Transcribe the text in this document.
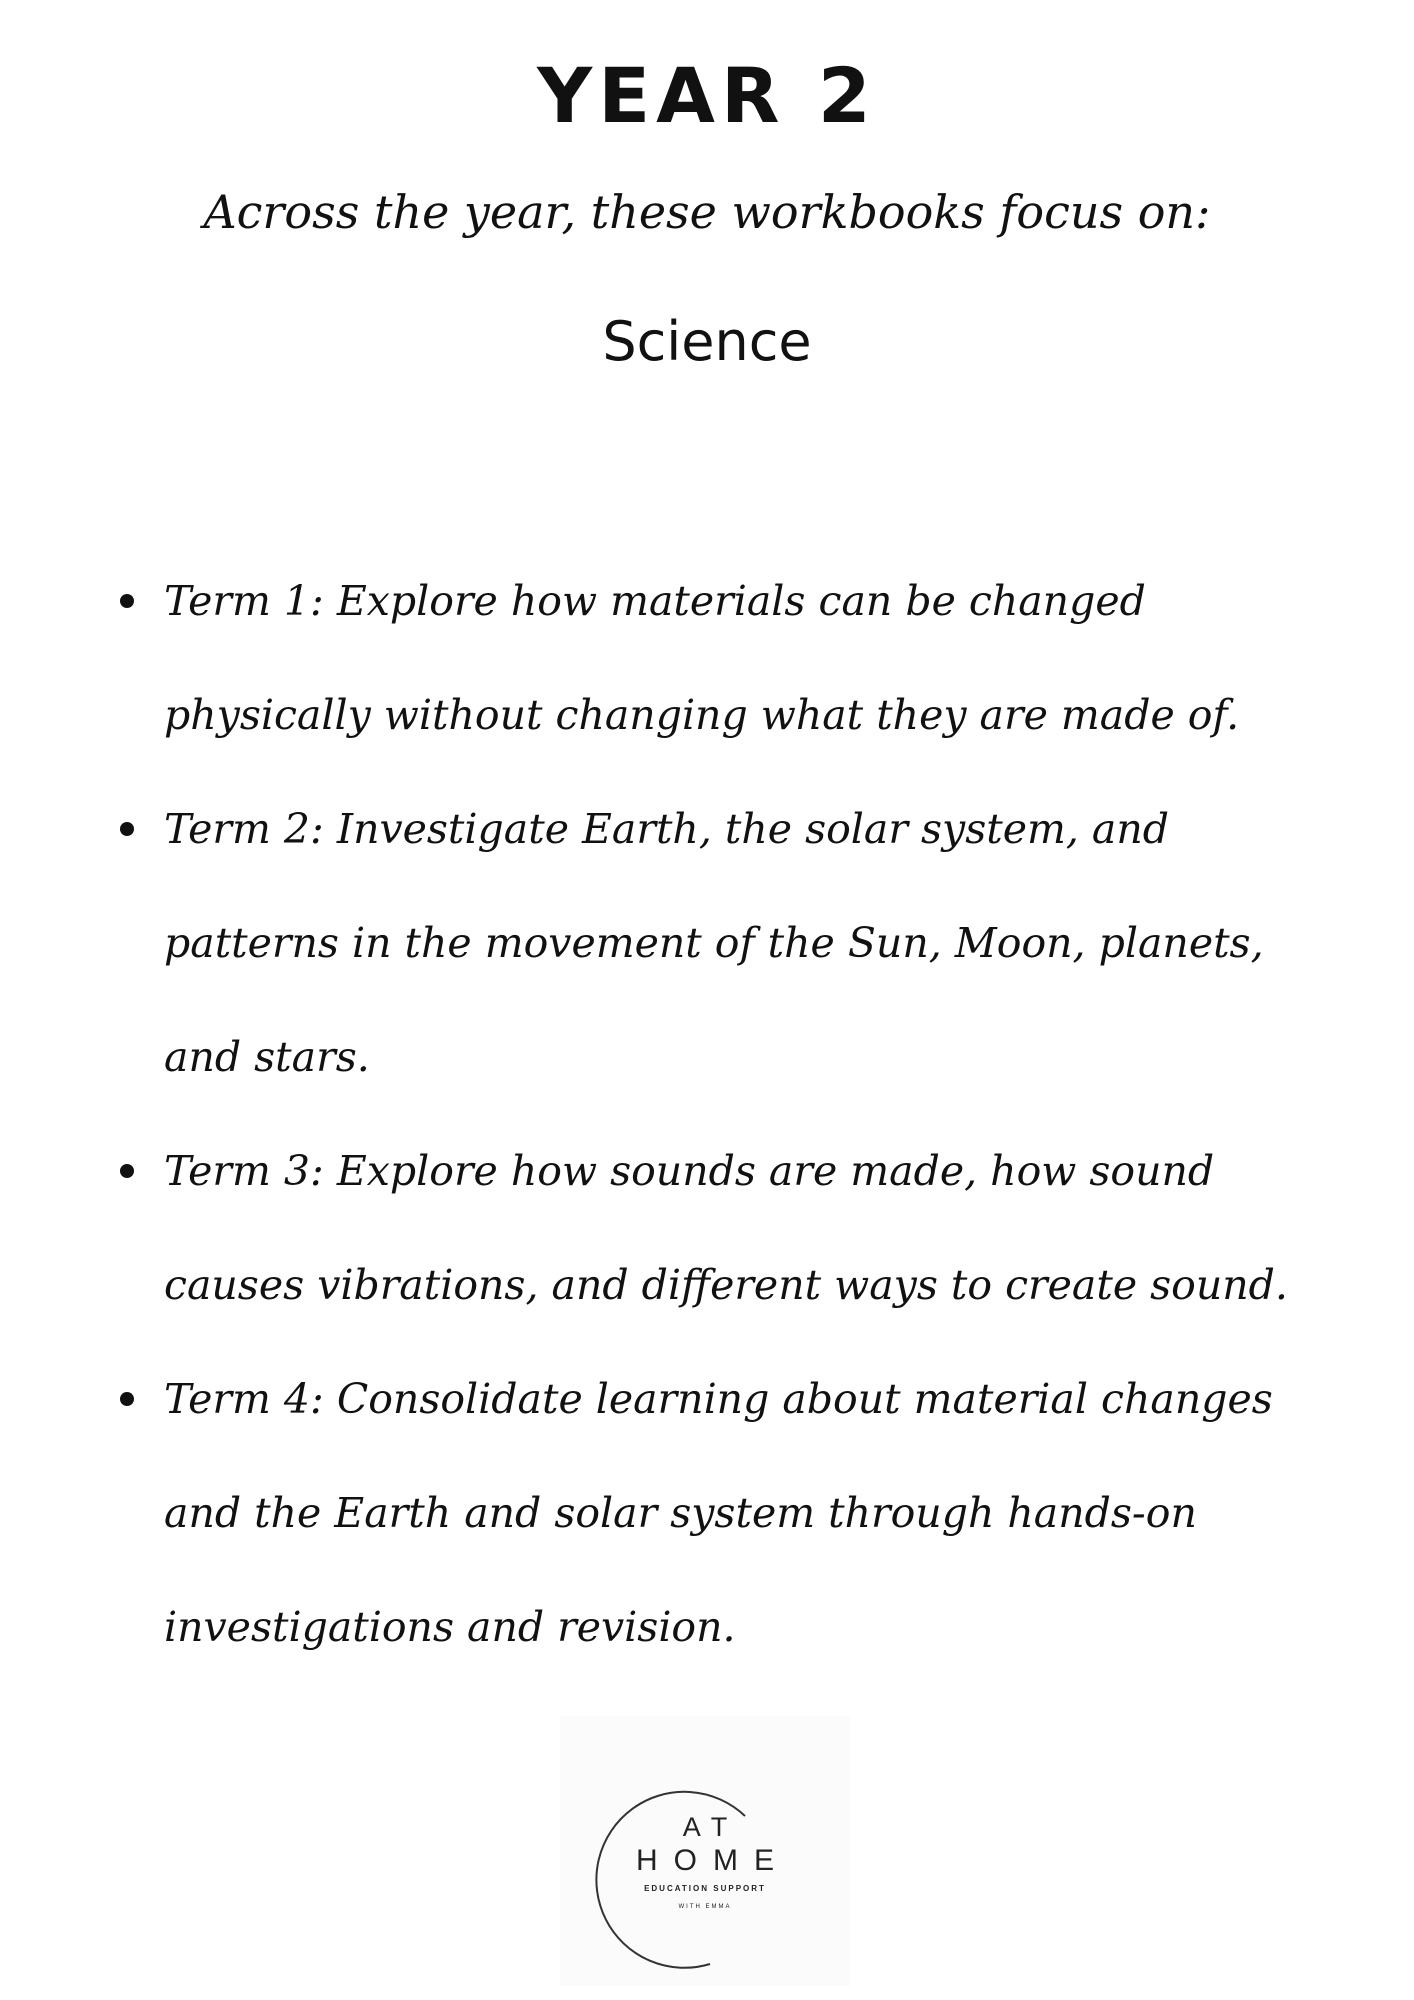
YEAR 2
Across the year, these workbooks focus on:
Science
Term 1: Explore how materials can be changed physically without changing what they are made of.
Term 2: Investigate Earth, the solar system, and patterns in the movement of the Sun, Moon, planets, and stars.
Term 3: Explore how sounds are made, how sound causes vibrations, and different ways to create sound.
Term 4: Consolidate learning about material changes and the Earth and solar system through hands-on investigations and revision.
AT
HOME
EDUCATION SUPPORT
WITH EMMA
